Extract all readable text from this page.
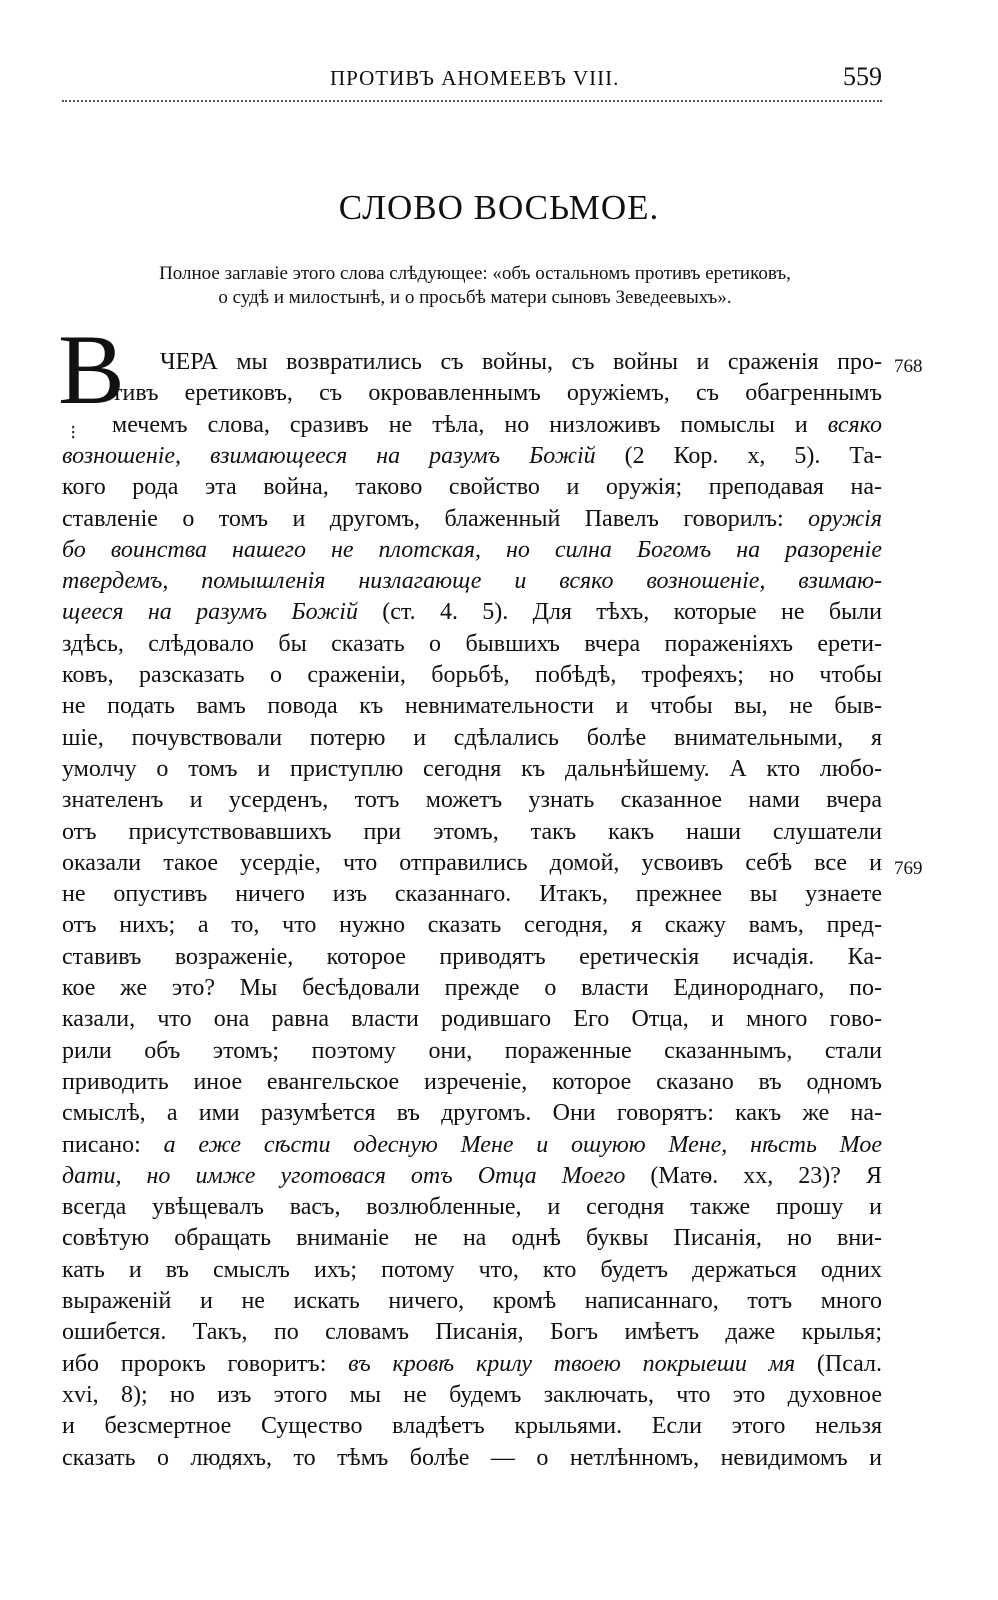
ПРОТИВЪ АНОМЕЕВЪ VIII.	559
СЛОВО ВОСЬМОЕ.
Полное заглавіе этого слова слѣдующее: «объ остальномъ противъ еретиковъ,
о судѣ и милостынѣ, и о просьбѣ матери сыновъ Зеведеевыхъ».
В
⁝
ЧЕРА мы возвратились съ войны, съ войны и сраженія про-
тивъ еретиковъ, съ окровавленнымъ оружіемъ, съ обагреннымъ
мечемъ слова, сразивъ не тѣла, но низложивъ помыслы и всяко
возношеніе, взимающееся на разумъ Божій (2 Кор. x, 5). Та-
кого рода эта война, таково свойство и оружія; преподавая на-
ставленіе о томъ и другомъ, блаженный Павелъ говорилъ: оружія
бо воинства нашего не плотская, но силна Богомъ на разореніе
твердемъ, помышленія низлагающе и всяко возношеніе, взимаю-
щееся на разумъ Божій (ст. 4. 5). Для тѣхъ, которые не были
здѣсь, слѣдовало бы сказать о бывшихъ вчера пораженіяхъ ерети-
ковъ, разсказать о сраженіи, борьбѣ, побѣдѣ, трофеяхъ; но чтобы
не подать вамъ повода къ невнимательности и чтобы вы, не быв-
шіе, почувствовали потерю и сдѣлались болѣе внимательными, я
умолчу о томъ и приступлю сегодня къ дальнѣйшему. А кто любо-
знателенъ и усерденъ, тотъ можетъ узнать сказанное нами вчера
отъ присутствовавшихъ при этомъ, такъ какъ наши слушатели
оказали такое усердіе, что отправились домой, усвоивъ себѣ все и
не опустивъ ничего изъ сказаннаго. Итакъ, прежнее вы узнаете
отъ нихъ; а то, что нужно сказать сегодня, я скажу вамъ, пред-
ставивъ возраженіе, которое приводятъ еретическія исчадія. Ка-
кое же это? Мы бесѣдовали прежде о власти Единороднаго, по-
казали, что она равна власти родившаго Его Отца, и много гово-
рили объ этомъ; поэтому они, пораженные сказаннымъ, стали
приводить иное евангельское изреченіе, которое сказано въ одномъ
смыслѣ, а ими разумѣется въ другомъ. Они говорятъ: какъ же на-
писано: а еже сѣсти одесную Мене и ошуюю Мене, нѣсть Мое
дати, но имже уготовася отъ Отца Моего (Матѳ. хх, 23)? Я
всегда увѣщевалъ васъ, возлюбленные, и сегодня также прошу и
совѣтую обращать вниманіе не на однѣ буквы Писанія, но вни-
кать и въ смыслъ ихъ; потому что, кто будетъ держаться одних
выраженій и не искать ничего, кромѣ написаннаго, тотъ много
ошибется. Такъ, по словамъ Писанія, Богъ имѣетъ даже крылья;
ибо пророкъ говоритъ: въ кровѣ крилу твоею покрыеши мя (Псал.
xvi, 8); но изъ этого мы не будемъ заключать, что это духовное
и безсмертное Существо владѣетъ крыльями. Если этого нельзя
сказать о людяхъ, то тѣмъ болѣе — о нетлѣнномъ, невидимомъ и
768
769
